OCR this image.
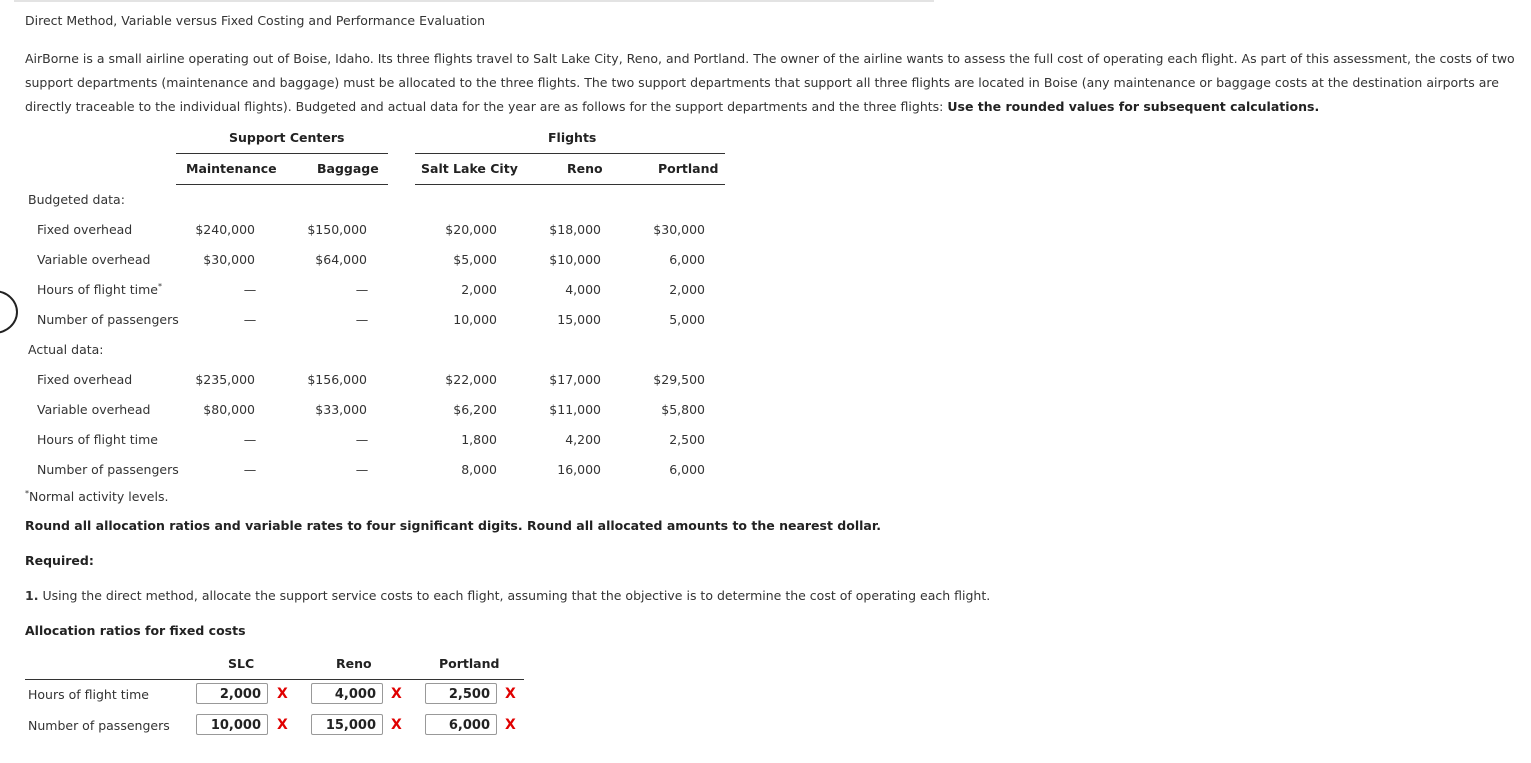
Direct Method, Variable versus Fixed Costing and Performance Evaluation
AirBorne is a small airline operating out of Boise, Idaho. Its three flights travel to Salt Lake City, Reno, and Portland. The owner of the airline wants to assess the full cost of operating each flight. As part of this assessment, the costs of two support departments (maintenance and baggage) must be allocated to the three flights. The two support departments that support all three flights are located in Boise (any maintenance or baggage costs at the destination airports are directly traceable to the individual flights). Budgeted and actual data for the year are as follows for the support departments and the three flights: Use the rounded values for subsequent calculations.
Support Centers	Flights
Maintenance	Baggage	Salt Lake City	Reno	Portland
Budgeted data:
Fixed overhead	$240,000	$150,000	$20,000	$18,000	$30,000
Variable overhead	$30,000	$64,000	$5,000	$10,000	6,000
Hours of flight time*	—	—	2,000	4,000	2,000
Number of passengers	—	—	10,000	15,000	5,000
Actual data:
Fixed overhead	$235,000	$156,000	$22,000	$17,000	$29,500
Variable overhead	$80,000	$33,000	$6,200	$11,000	$5,800
Hours of flight time	—	—	1,800	4,200	2,500
Number of passengers	—	—	8,000	16,000	6,000
*Normal activity levels.
Round all allocation ratios and variable rates to four significant digits. Round all allocated amounts to the nearest dollar.
Required:
1. Using the direct method, allocate the support service costs to each flight, assuming that the objective is to determine the cost of operating each flight.
Allocation ratios for fixed costs
SLC	Reno	Portland
Hours of flight time	2,000	X	4,000	X	2,500	X
Number of passengers	10,000	X	15,000	X	6,000	X
